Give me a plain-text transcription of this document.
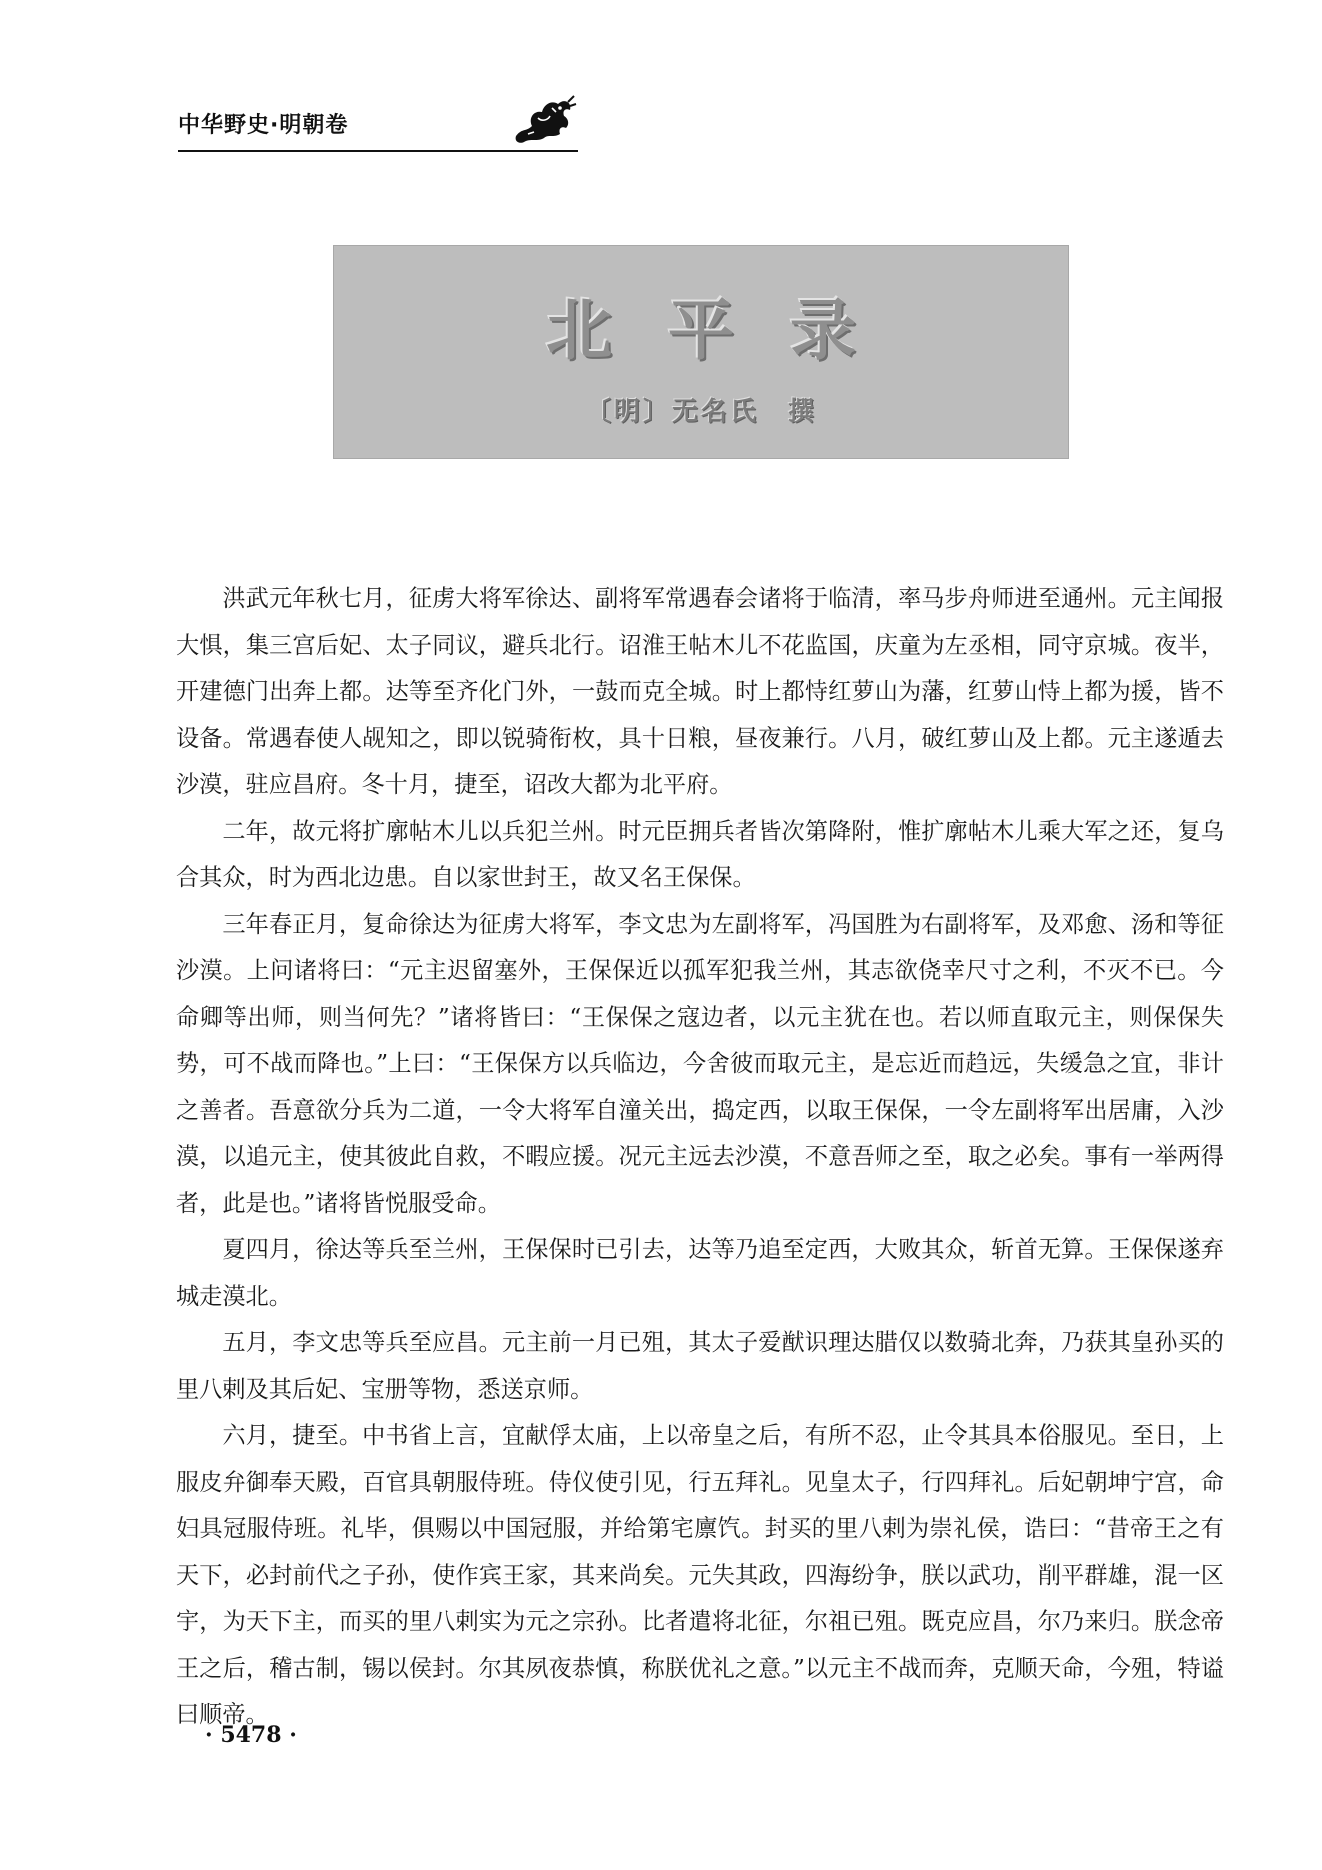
中华野史·明朝卷
北平录
〔明〕无名氏　撰

洪武元年秋七月，征虏大将军徐达、副将军常遇春会诸将于临清，率马步舟师进至通州。元主闻报大惧，集三宫后妃、太子同议，避兵北行。诏淮王帖木儿不花监国，庆童为左丞相，同守京城。夜半，开建德门出奔上都。达等至齐化门外，一鼓而克全城。时上都恃红萝山为藩，红萝山恃上都为援，皆不设备。常遇春使人觇知之，即以锐骑衔枚，具十日粮，昼夜兼行。八月，破红萝山及上都。元主遂遁去沙漠，驻应昌府。冬十月，捷至，诏改大都为北平府。

二年，故元将扩廓帖木儿以兵犯兰州。时元臣拥兵者皆次第降附，惟扩廓帖木儿乘大军之还，复乌合其众，时为西北边患。自以家世封王，故又名王保保。

三年春正月，复命徐达为征虏大将军，李文忠为左副将军，冯国胜为右副将军，及邓愈、汤和等征沙漠。上问诸将曰：“元主迟留塞外，王保保近以孤军犯我兰州，其志欲侥幸尺寸之利，不灭不已。今命卿等出师，则当何先？”诸将皆曰：“王保保之寇边者，以元主犹在也。若以师直取元主，则保保失势，可不战而降也。”上曰：“王保保方以兵临边，今舍彼而取元主，是忘近而趋远，失缓急之宜，非计之善者。吾意欲分兵为二道，一令大将军自潼关出，捣定西，以取王保保，一令左副将军出居庸，入沙漠，以追元主，使其彼此自救，不暇应援。况元主远去沙漠，不意吾师之至，取之必矣。事有一举两得者，此是也。”诸将皆悦服受命。

夏四月，徐达等兵至兰州，王保保时已引去，达等乃追至定西，大败其众，斩首无算。王保保遂弃城走漠北。

五月，李文忠等兵至应昌。元主前一月已殂，其太子爱猷识理达腊仅以数骑北奔，乃获其皇孙买的里八剌及其后妃、宝册等物，悉送京师。

六月，捷至。中书省上言，宜献俘太庙，上以帝皇之后，有所不忍，止令其具本俗服见。至日，上服皮弁御奉天殿，百官具朝服侍班。侍仪使引见，行五拜礼。见皇太子，行四拜礼。后妃朝坤宁宫，命妇具冠服侍班。礼毕，俱赐以中国冠服，并给第宅廪饩。封买的里八剌为崇礼侯，诰曰：“昔帝王之有天下，必封前代之子孙，使作宾王家，其来尚矣。元失其政，四海纷争，朕以武功，削平群雄，混一区宇，为天下主，而买的里八剌实为元之宗孙。比者遣将北征，尔祖已殂。既克应昌，尔乃来归。朕念帝王之后，稽古制，锡以侯封。尔其夙夜恭慎，称朕优礼之意。”以元主不战而奔，克顺天命，今殂，特谥曰顺帝。

· 5478 ·
